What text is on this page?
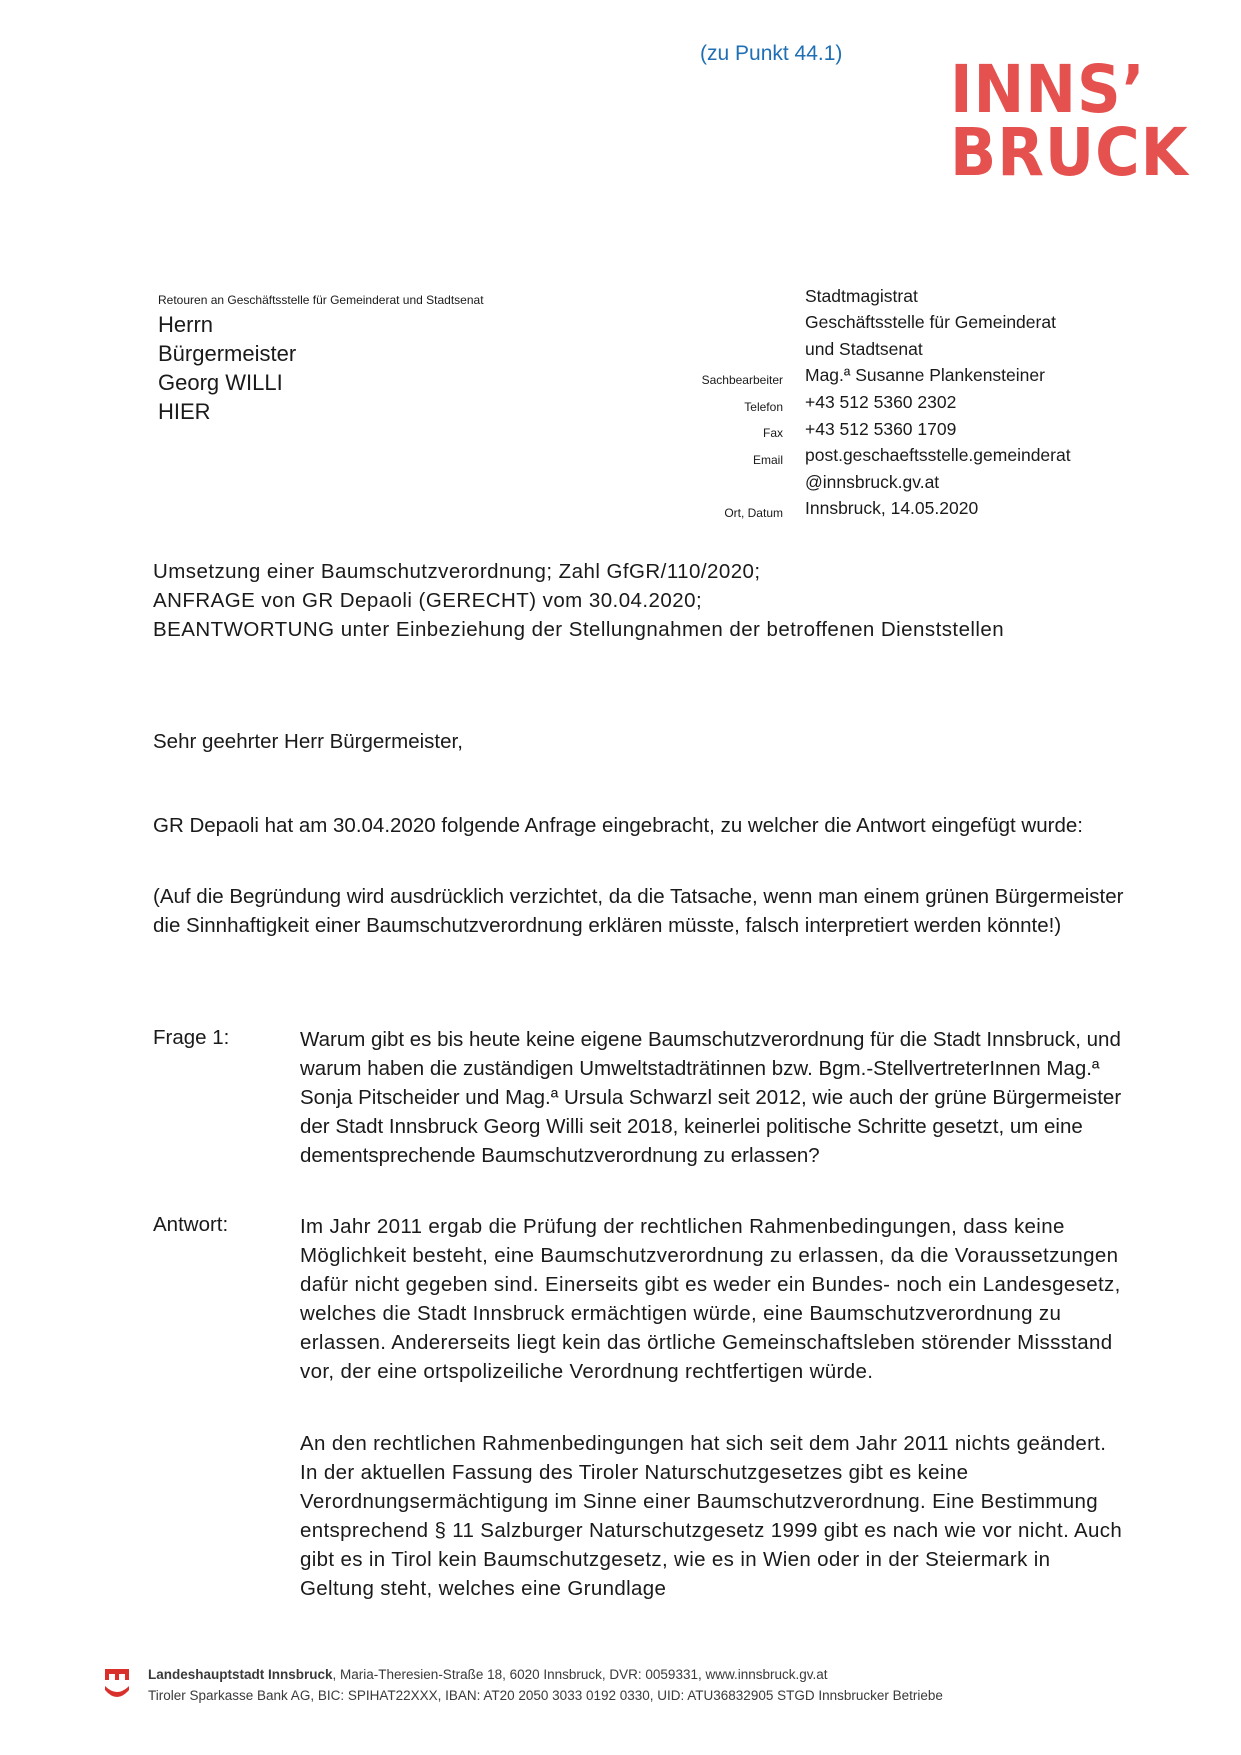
(zu Punkt 44.1) INNS’
BRUCK
Retouren an Geschäftsstelle für Gemeinderat und Stadtsenat
Herrn
Bürgermeister
Georg WILLI
HIER
Stadtmagistrat
Geschäftsstelle für Gemeinderat
und Stadtsenat
Sachbearbeiter Mag.ª Susanne Plankensteiner
Telefon +43 512 5360 2302
Fax +43 512 5360 1709
Email post.geschaeftsstelle.gemeinderat
@innsbruck.gv.at
Ort, Datum Innsbruck, 14.05.2020
Umsetzung einer Baumschutzverordnung; Zahl GfGR/110/2020;
ANFRAGE von GR Depaoli (GERECHT) vom 30.04.2020;
BEANTWORTUNG unter Einbeziehung der Stellungnahmen der betroffenen Dienststellen
Sehr geehrter Herr Bürgermeister,
GR Depaoli hat am 30.04.2020 folgende Anfrage eingebracht, zu welcher die Antwort eingefügt wurde:
(Auf die Begründung wird ausdrücklich verzichtet, da die Tatsache, wenn man einem grünen Bürgermeister die Sinnhaftigkeit einer Baumschutzverordnung erklären müsste, falsch interpretiert werden könnte!)
Frage 1:	Warum gibt es bis heute keine eigene Baumschutzverordnung für die Stadt Innsbruck, und warum haben die zuständigen Umweltstadträtinnen bzw. Bgm.-StellvertreterInnen Mag.ª Sonja Pitscheider und Mag.ª Ursula Schwarzl seit 2012, wie auch der grüne Bürgermeister der Stadt Innsbruck Georg Willi seit 2018, keinerlei politische Schritte gesetzt, um eine dementsprechende Baumschutzverordnung zu erlassen?
Antwort:	Im Jahr 2011 ergab die Prüfung der rechtlichen Rahmenbedingungen, dass keine Möglichkeit besteht, eine Baumschutzverordnung zu erlassen, da die Voraussetzungen dafür nicht gegeben sind. Einerseits gibt es weder ein Bundes- noch ein Landesgesetz, welches die Stadt Innsbruck ermächtigen würde, eine Baumschutzverordnung zu erlassen. Andererseits liegt kein das örtliche Gemeinschaftsleben störender Missstand vor, der eine ortspolizeiliche Verordnung rechtfertigen würde.
An den rechtlichen Rahmenbedingungen hat sich seit dem Jahr 2011 nichts geändert. In der aktuellen Fassung des Tiroler Naturschutzgesetzes gibt es keine Verordnungsermächtigung im Sinne einer Baumschutzverordnung. Eine Bestimmung entsprechend § 11 Salzburger Naturschutzgesetz 1999 gibt es nach wie vor nicht. Auch gibt es in Tirol kein Baumschutzgesetz, wie es in Wien oder in der Steiermark in Geltung steht, welches eine Grundlage
Landeshauptstadt Innsbruck, Maria-Theresien-Straße 18, 6020 Innsbruck, DVR: 0059331, www.innsbruck.gv.at
Tiroler Sparkasse Bank AG, BIC: SPIHAT22XXX, IBAN: AT20 2050 3033 0192 0330, UID: ATU36832905 STGD Innsbrucker Betriebe
